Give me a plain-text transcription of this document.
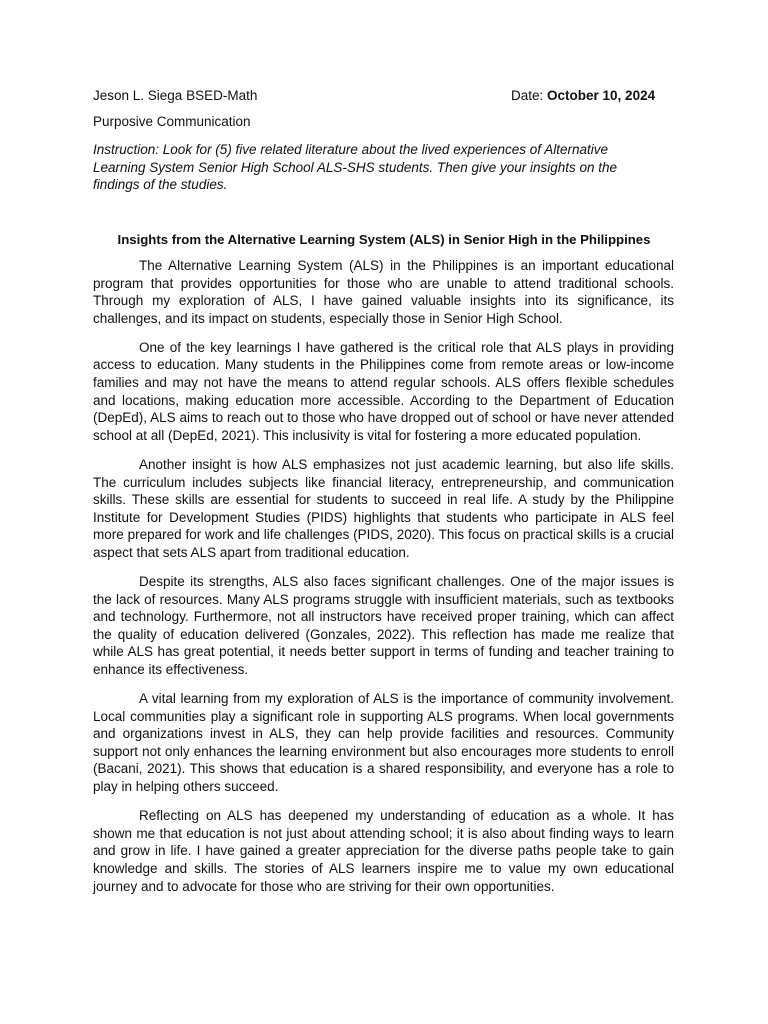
Jeson L. Siega BSED-Math	Date: October 10, 2024
Purposive Communication
Instruction: Look for (5) five related literature about the lived experiences of Alternative Learning System Senior High School ALS-SHS students. Then give your insights on the findings of the studies.
Insights from the Alternative Learning System (ALS) in Senior High in the Philippines

The Alternative Learning System (ALS) in the Philippines is an important educational program that provides opportunities for those who are unable to attend traditional schools. Through my exploration of ALS, I have gained valuable insights into its significance, its challenges, and its impact on students, especially those in Senior High School.

One of the key learnings I have gathered is the critical role that ALS plays in providing access to education. Many students in the Philippines come from remote areas or low-income families and may not have the means to attend regular schools. ALS offers flexible schedules and locations, making education more accessible. According to the Department of Education (DepEd), ALS aims to reach out to those who have dropped out of school or have never attended school at all (DepEd, 2021). This inclusivity is vital for fostering a more educated population.

Another insight is how ALS emphasizes not just academic learning, but also life skills. The curriculum includes subjects like financial literacy, entrepreneurship, and communication skills. These skills are essential for students to succeed in real life. A study by the Philippine Institute for Development Studies (PIDS) highlights that students who participate in ALS feel more prepared for work and life challenges (PIDS, 2020). This focus on practical skills is a crucial aspect that sets ALS apart from traditional education.

Despite its strengths, ALS also faces significant challenges. One of the major issues is the lack of resources. Many ALS programs struggle with insufficient materials, such as textbooks and technology. Furthermore, not all instructors have received proper training, which can affect the quality of education delivered (Gonzales, 2022). This reflection has made me realize that while ALS has great potential, it needs better support in terms of funding and teacher training to enhance its effectiveness.

A vital learning from my exploration of ALS is the importance of community involvement. Local communities play a significant role in supporting ALS programs. When local governments and organizations invest in ALS, they can help provide facilities and resources. Community support not only enhances the learning environment but also encourages more students to enroll (Bacani, 2021). This shows that education is a shared responsibility, and everyone has a role to play in helping others succeed.

Reflecting on ALS has deepened my understanding of education as a whole. It has shown me that education is not just about attending school; it is also about finding ways to learn and grow in life. I have gained a greater appreciation for the diverse paths people take to gain knowledge and skills. The stories of ALS learners inspire me to value my own educational journey and to advocate for those who are striving for their own opportunities.
